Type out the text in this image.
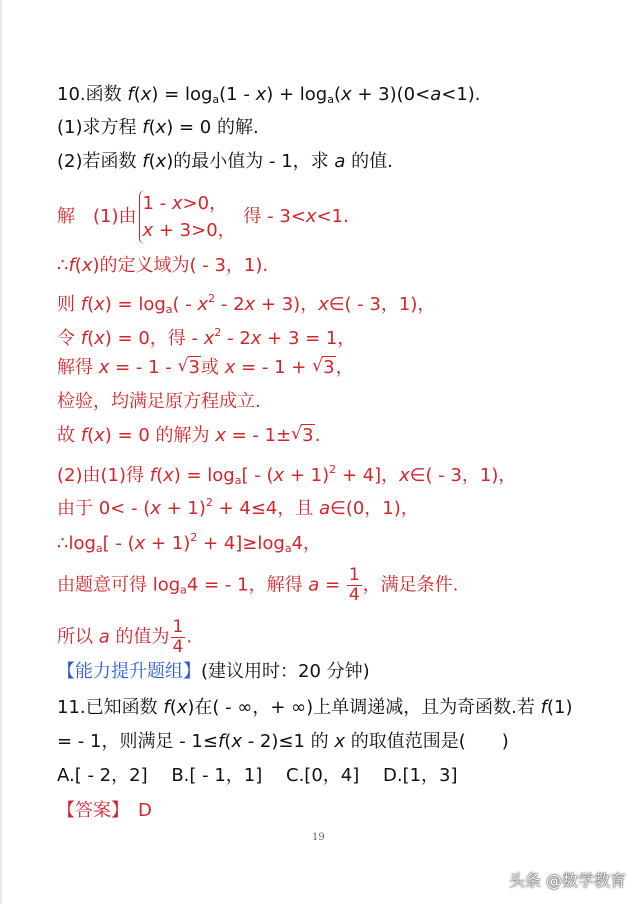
10.函数 $f(x) = \log_a(1 - x) + \log_a(x + 3)(0<a<1)$.
(1)求方程 f(x) = 0 的解.
(2)若函数 f(x)的最小值为 - 1，求 a 的值.
解　(1)由
1 - x>0，
x + 3>0，
得 - 3<x<1.
∴f(x)的定义域为( - 3，1).
则 $f(x) = \log_a( - x^2 - 2x + 3)$，x∈( - 3，1)，
令 f(x) = 0，得 - $x^2 - 2x + 3 = 1$，
解得 x = - 1 - √ 3或 x = - 1 + √ 3，
检验，均满足原方程成立.
故 f(x) = 0 的解为 x = - 1± √ 3.
(2)由(1)得 $f(x) = \log_a[ - (x + 1)^2 + 4]$，x∈( - 3，1)，
由于 $0< - (x + 1)^2 + 4\le 4$，且 a∈(0，1)，
$\therefore\log_a[ - (x + 1)^2 + 4]\ge\log_a4$，
由题意可得 $\log_a4$ = - 1，解得 $a = \frac{1}{4}$ ，满足条件.
所以 a 的值为 $\frac{1}{4}$ .
【能力提升题组】(建议用时：20 分钟)
11.已知函数 f(x)在( - ∞，+ ∞)上单调递减，且为奇函数.若 f(1)
= - 1，则满足 - 1≤f(x - 2)≤1 的 x 的取值范围是(　　)
A.[ - 2，2]　 B.[ - 1，1]　 C.[0，4]　 D.[1，3]
【答案】　D
19
头条 @数学教育
